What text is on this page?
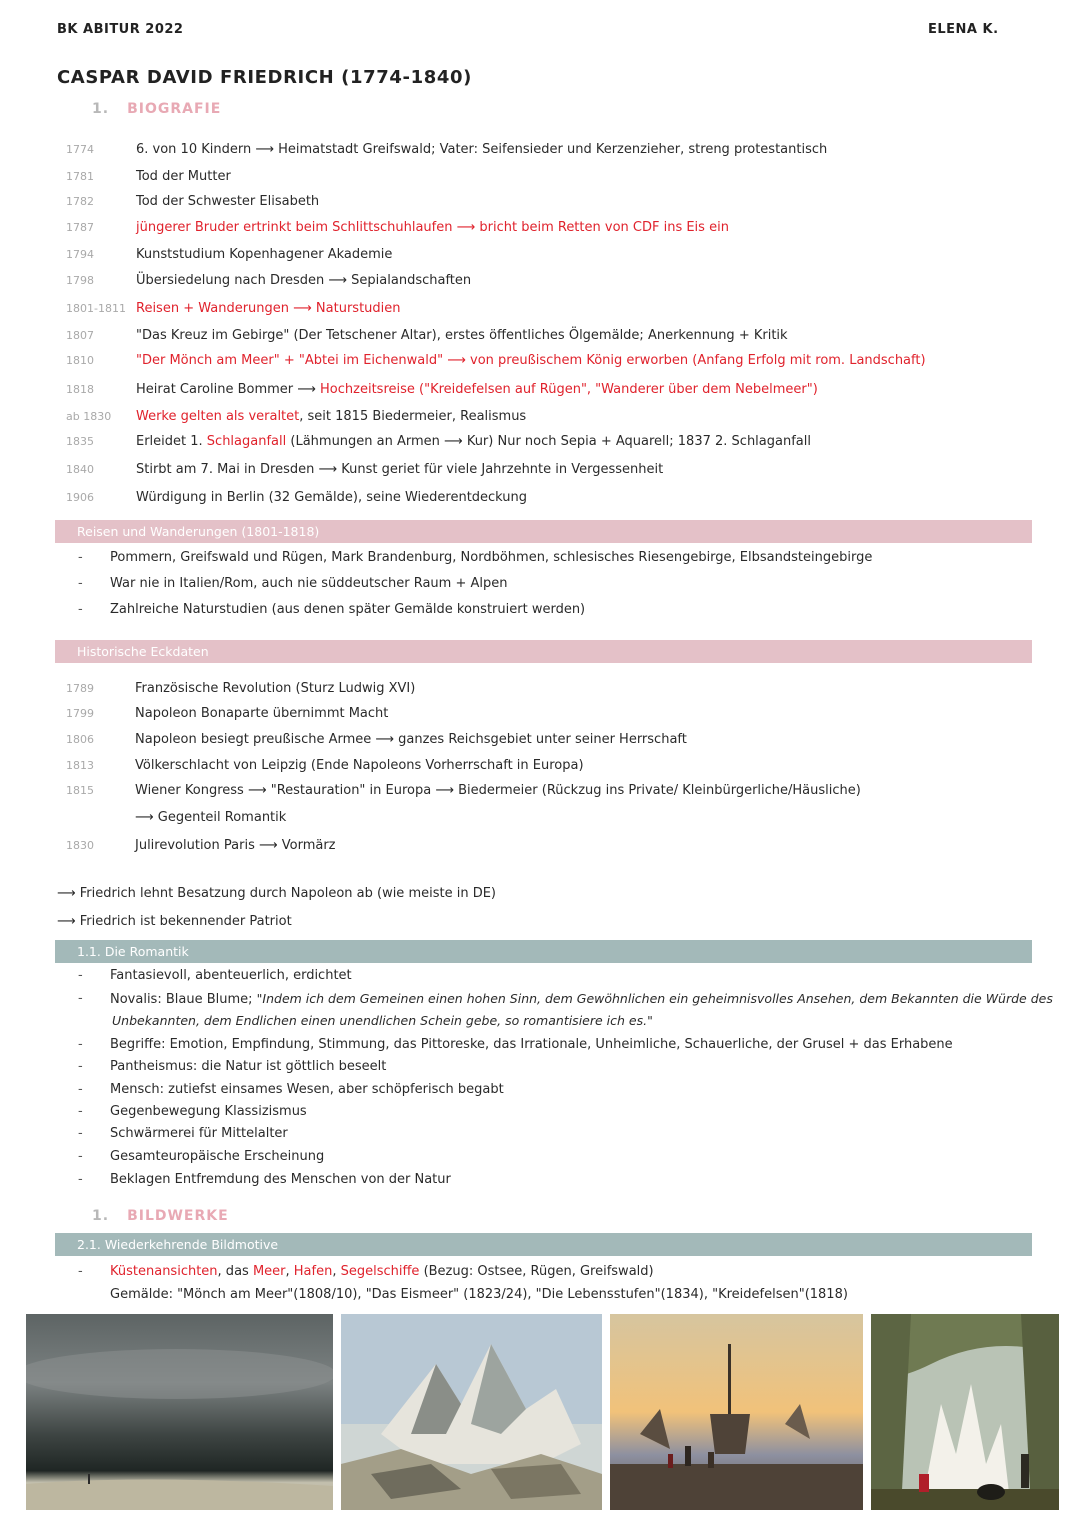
BK ABITUR 2022	ELENA K.
CASPAR DAVID FRIEDRICH (1774-1840)
1. BIOGRAFIE
1774	6. von 10 Kindern ⟶ Heimatstadt Greifswald; Vater: Seifensieder und Kerzenzieher, streng protestantisch
1781	Tod der Mutter
1782	Tod der Schwester Elisabeth
1787	jüngerer Bruder ertrinkt beim Schlittschuhlaufen ⟶ bricht beim Retten von CDF ins Eis ein
1794	Kunststudium Kopenhagener Akademie
1798	Übersiedelung nach Dresden ⟶ Sepialandschaften
1801-1811 Reisen + Wanderungen ⟶ Naturstudien
1807	"Das Kreuz im Gebirge" (Der Tetschener Altar), erstes öffentliches Ölgemälde; Anerkennung + Kritik
1810	"Der Mönch am Meer" + "Abtei im Eichenwald" ⟶ von preußischem König erworben (Anfang Erfolg mit rom. Landschaft)
1818	Heirat Caroline Bommer ⟶ Hochzeitsreise ("Kreidefelsen auf Rügen", "Wanderer über dem Nebelmeer")
ab 1830	Werke gelten als veraltet, seit 1815 Biedermeier, Realismus
1835	Erleidet 1. Schlaganfall (Lähmungen an Armen ⟶ Kur) Nur noch Sepia + Aquarell; 1837 2. Schlaganfall
1840	Stirbt am 7. Mai in Dresden ⟶ Kunst geriet für viele Jahrzehnte in Vergessenheit
1906	Würdigung in Berlin (32 Gemälde), seine Wiederentdeckung
Reisen und Wanderungen (1801-1818)
- Pommern, Greifswald und Rügen, Mark Brandenburg, Nordböhmen, schlesisches Riesengebirge, Elbsandsteingebirge
- War nie in Italien/Rom, auch nie süddeutscher Raum + Alpen
- Zahlreiche Naturstudien (aus denen später Gemälde konstruiert werden)
Historische Eckdaten
1789	Französische Revolution (Sturz Ludwig XVI)
1799	Napoleon Bonaparte übernimmt Macht
1806	Napoleon besiegt preußische Armee ⟶ ganzes Reichsgebiet unter seiner Herrschaft
1813	Völkerschlacht von Leipzig (Ende Napoleons Vorherrschaft in Europa)
1815	Wiener Kongress ⟶ "Restauration" in Europa ⟶ Biedermeier (Rückzug ins Private/ Kleinbürgerliche/Häusliche)
⟶ Gegenteil Romantik
1830	Julirevolution Paris ⟶ Vormärz
⟶ Friedrich lehnt Besatzung durch Napoleon ab (wie meiste in DE)
⟶ Friedrich ist bekennender Patriot
1.1. Die Romantik
- Fantasievoll, abenteuerlich, erdichtet
- Novalis: Blaue Blume; "Indem ich dem Gemeinen einen hohen Sinn, dem Gewöhnlichen ein geheimnisvolles Ansehen, dem Bekannten die Würde des
Unbekannten, dem Endlichen einen unendlichen Schein gebe, so romantisiere ich es."
- Begriffe: Emotion, Empfindung, Stimmung, das Pittoreske, das Irrationale, Unheimliche, Schauerliche, der Grusel + das Erhabene
- Pantheismus: die Natur ist göttlich beseelt
- Mensch: zutiefst einsames Wesen, aber schöpferisch begabt
- Gegenbewegung Klassizismus
- Schwärmerei für Mittelalter
- Gesamteuropäische Erscheinung
- Beklagen Entfremdung des Menschen von der Natur
1. BILDWERKE
2.1. Wiederkehrende Bildmotive
- Küstenansichten, das Meer, Hafen, Segelschiffe (Bezug: Ostsee, Rügen, Greifswald)
Gemälde: "Mönch am Meer"(1808/10), "Das Eismeer" (1823/24), "Die Lebensstufen"(1834), "Kreidefelsen"(1818)
